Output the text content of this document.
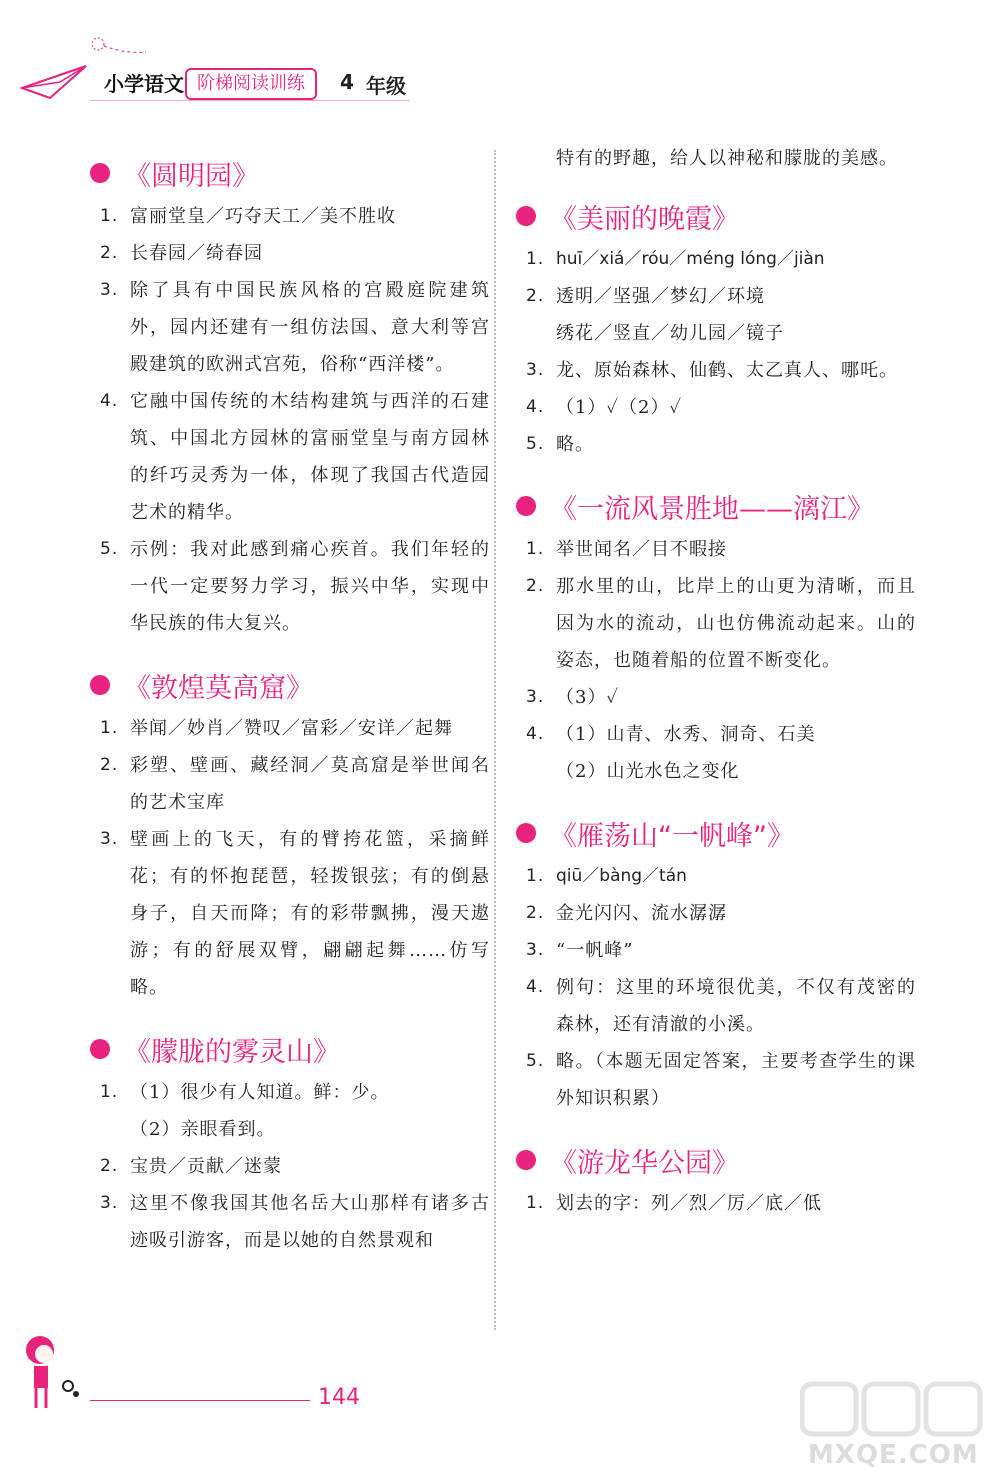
小学语文 阶梯阅读训练	4 年级
《圆明园》
1. 富丽堂皇／巧夺天工／美不胜收
2. 长春园／绮春园
3. 除了具有中国民族风格的宫殿庭院建筑外，园内还建有一组仿法国、意大利等宫殿建筑的欧洲式宫苑，俗称“西洋楼”。
4. 它融中国传统的木结构建筑与西洋的石建筑、中国北方园林的富丽堂皇与南方园林的纤巧灵秀为一体，体现了我国古代造园艺术的精华。
5. 示例：我对此感到痛心疾首。我们年轻的一代一定要努力学习，振兴中华，实现中华民族的伟大复兴。
《敦煌莫高窟》
1. 举闻／妙肖／赞叹／富彩／安详／起舞
2. 彩塑、壁画、藏经洞／莫高窟是举世闻名的艺术宝库
3. 壁画上的飞天，有的臂挎花篮，采摘鲜花；有的怀抱琵琶，轻拨银弦；有的倒悬身子，自天而降；有的彩带飘拂，漫天遨游；有的舒展双臂，翩翩起舞……仿写略。
《朦胧的雾灵山》
1. （1）很少有人知道。鲜：少。
（2）亲眼看到。
2. 宝贵／贡献／迷蒙
3. 这里不像我国其他名岳大山那样有诸多古迹吸引游客，而是以她的自然景观和
特有的野趣，给人以神秘和朦胧的美感。
《美丽的晚霞》
1. huī／xiá／róu／méng lóng／jiàn
2. 透明／坚强／梦幻／环境
绣花／竖直／幼儿园／镜子
3. 龙、原始森林、仙鹤、太乙真人、哪吒。
4. （1）✓（2）✓
5. 略。
《一流风景胜地——漓江》
1. 举世闻名／目不暇接
2. 那水里的山，比岸上的山更为清晰，而且因为水的流动，山也仿佛流动起来。山的姿态，也随着船的位置不断变化。
3. （3）✓
4. （1）山青、水秀、洞奇、石美
（2）山光水色之变化
《雁荡山“一帆峰”》
1. qiū／bàng／tán
2. 金光闪闪、流水潺潺
3. “一帆峰”
4. 例句：这里的环境很优美，不仅有茂密的森林，还有清澈的小溪。
5. 略。（本题无固定答案，主要考查学生的课外知识积累）
《游龙华公园》
1. 划去的字：列／烈／厉／底／低
144
MXQE.COM
